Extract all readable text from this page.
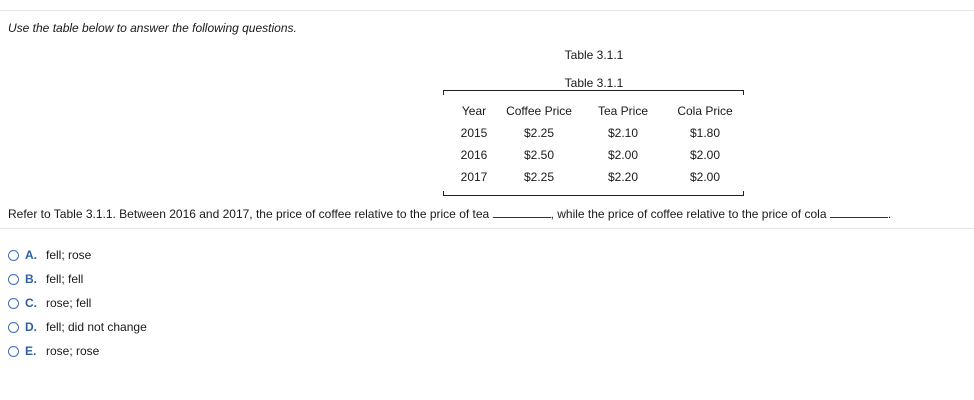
Use the table below to answer the following questions.
Table 3.1.1
Table 3.1.1
Year	Coffee Price	Tea Price	Cola Price
2015	$2.25	$2.10	$1.80
2016	$2.50	$2.00	$2.00
2017	$2.25	$2.20	$2.00
Refer to Table 3.1.1. Between 2016 and 2017, the price of coffee relative to the price of tea	, while the price of coffee relative to the price of cola	.
A. fell; rose
B. fell; fell
C. rose; fell
D. fell; did not change
E. rose; rose
